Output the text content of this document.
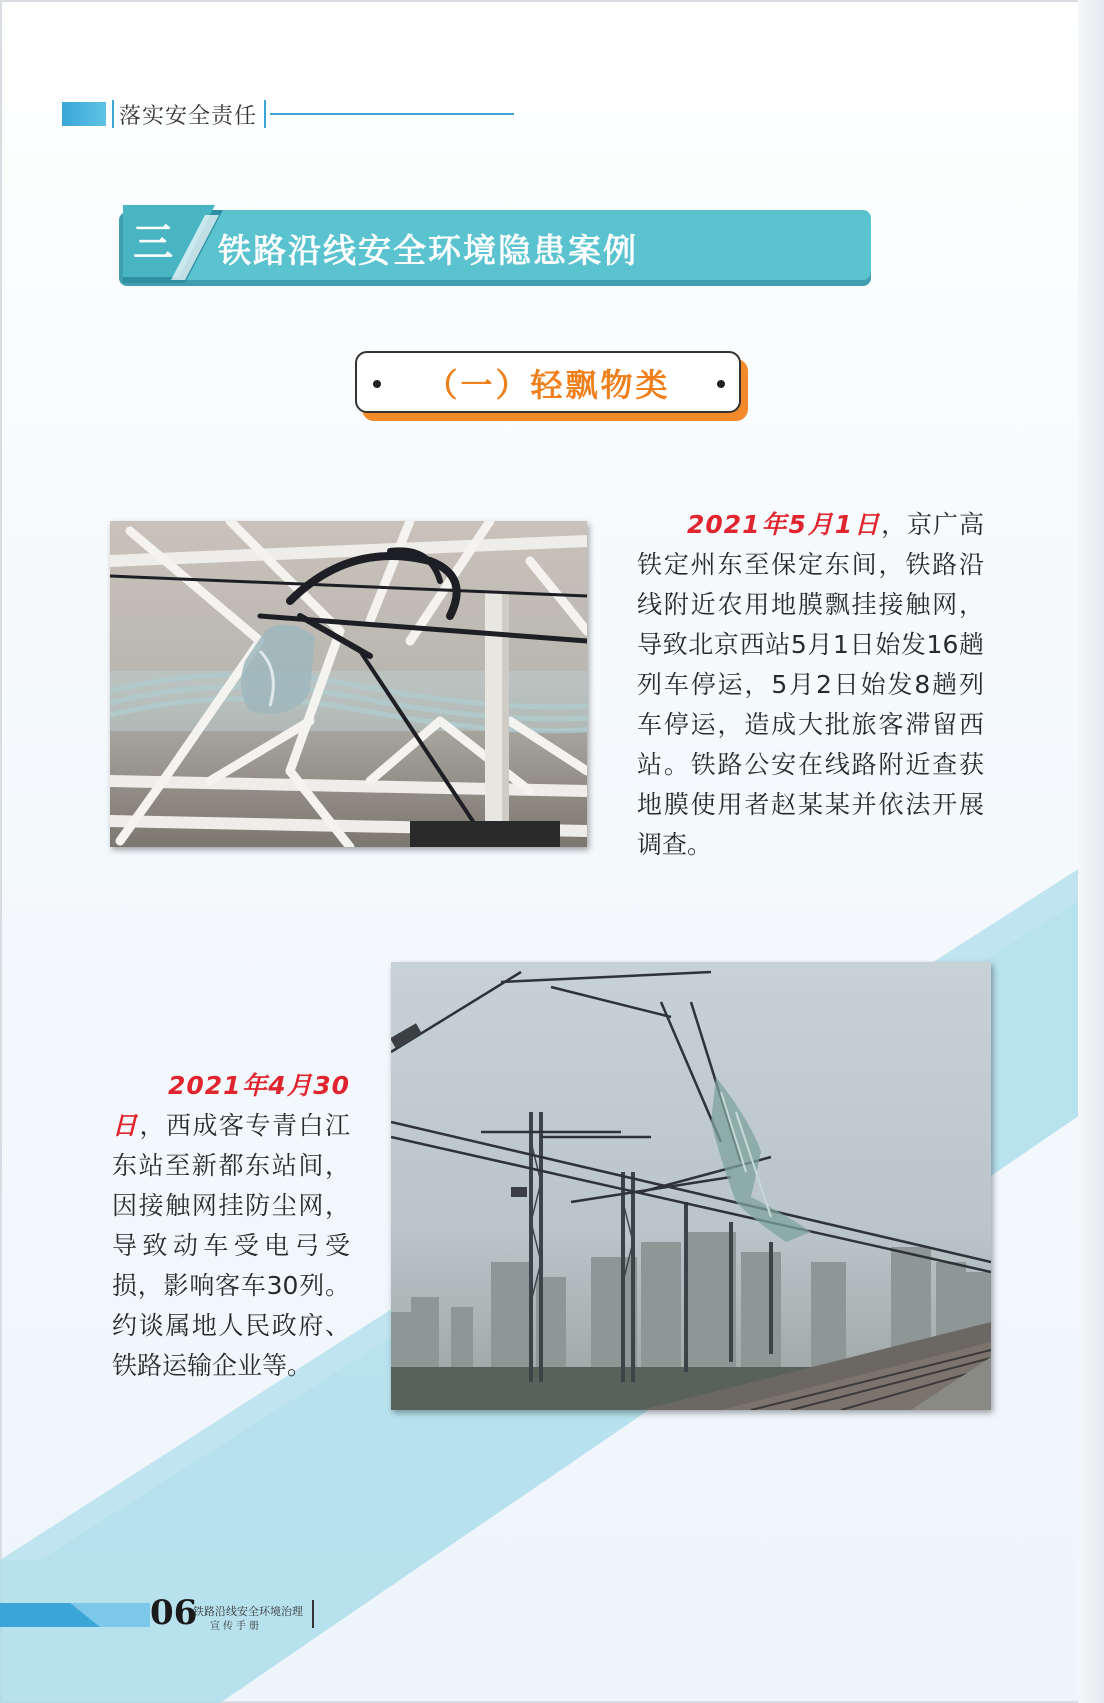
落实安全责任
三 铁路沿线安全环境隐患案例
（一）轻飘物类
2021年5月1日，京广高铁定州东至保定东间，铁路沿线附近农用地膜飘挂接触网，导致北京西站5月1日始发16趟列车停运，5月2日始发8趟列车停运，造成大批旅客滞留西站。铁路公安在线路附近查获地膜使用者赵某某并依法开展调查。
2021年4月30日，西成客专青白江东站至新都东站间，因接触网挂防尘网，导致动车受电弓受损，影响客车30列。约谈属地人民政府、铁路运输企业等。
06
铁路沿线安全环境治理
宣传手册
